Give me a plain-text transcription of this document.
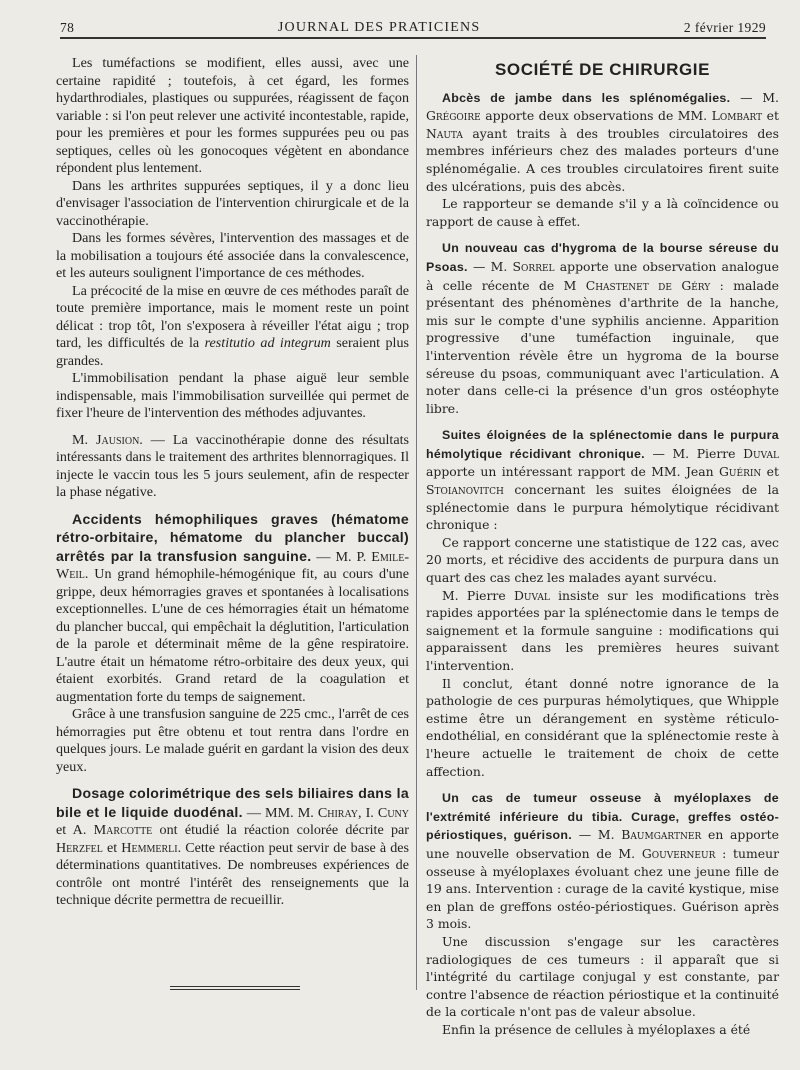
78	JOURNAL DES PRATICIENS	2 février 1929

Les tuméfactions se modifient, elles aussi, avec une certaine rapidité ; toutefois, à cet égard, les formes hydarthrodiales, plastiques ou suppurées, réagissent de façon variable : si l'on peut relever une activité incontestable, rapide, pour les premières et pour les formes suppurées peu ou pas septiques, celles où les gonocoques végètent en abondance répondent plus lentement.

Dans les arthrites suppurées septiques, il y a donc lieu d'envisager l'association de l'intervention chirurgicale et de la vaccinothérapie.

Dans les formes sévères, l'intervention des massages et de la mobilisation a toujours été associée dans la convalescence, et les auteurs soulignent l'importance de ces méthodes.

La précocité de la mise en œuvre de ces méthodes paraît de toute première importance, mais le moment reste un point délicat : trop tôt, l'on s'exposera à réveiller l'état aigu ; trop tard, les difficultés de la restitutio ad integrum seraient plus grandes.

L'immobilisation pendant la phase aiguë leur semble indispensable, mais l'immobilisation surveillée qui permet de fixer l'heure de l'intervention des méthodes adjuvantes.

M. Jausion. — La vaccinothérapie donne des résultats intéressants dans le traitement des arthrites blennorragiques. Il injecte le vaccin tous les 5 jours seulement, afin de respecter la phase négative.

Accidents hémophiliques graves (hématome rétro-orbitaire, hématome du plancher buccal) arrêtés par la transfusion sanguine. — M. P. Emile-Weil. Un grand hémophile-hémogénique fit, au cours d'une grippe, deux hémorragies graves et spontanées à localisations exceptionnelles. L'une de ces hémorragies était un hématome du plancher buccal, qui empêchait la déglutition, l'articulation de la parole et déterminait même de la gêne respiratoire. L'autre était un hématome rétro-orbitaire des deux yeux, qui étaient exorbités. Grand retard de la coagulation et augmentation forte du temps de saignement.

Grâce à une transfusion sanguine de 225 cmc., l'arrêt de ces hémorragies put être obtenu et tout rentra dans l'ordre en quelques jours. Le malade guérit en gardant la vision des deux yeux.

Dosage colorimétrique des sels biliaires dans la bile et le liquide duodénal. — MM. M. Chiray, I. Cuny et A. Marcotte ont étudié la réaction colorée décrite par Herzfel et Hemmerli. Cette réaction peut servir de base à des déterminations quantitatives. De nombreuses expériences de contrôle ont montré l'intérêt des renseignements que la technique décrite permettra de recueillir.

SOCIÉTÉ DE CHIRURGIE

Abcès de jambe dans les splénomégalies. — M. Grégoire apporte deux observations de MM. Lombart et Nauta ayant traits à des troubles circulatoires des membres inférieurs chez des malades porteurs d'une splénomégalie. A ces troubles circulatoires firent suite des ulcérations, puis des abcès.

Le rapporteur se demande s'il y a là coïncidence ou rapport de cause à effet.

Un nouveau cas d'hygroma de la bourse séreuse du Psoas. — M. Sorrel apporte une observation analogue à celle récente de M Chastenet de Géry : malade présentant des phénomènes d'arthrite de la hanche, mis sur le compte d'une syphilis ancienne. Apparition progressive d'une tuméfaction inguinale, que l'intervention révèle être un hygroma de la bourse séreuse du psoas, communiquant avec l'articulation. A noter dans celle-ci la présence d'un gros ostéophyte libre.

Suites éloignées de la splénectomie dans le purpura hémolytique récidivant chronique. — M. Pierre Duval apporte un intéressant rapport de MM. Jean Guérin et Stoianovitch concernant les suites éloignées de la splénectomie dans le purpura hémolytique récidivant chronique :

Ce rapport concerne une statistique de 122 cas, avec 20 morts, et récidive des accidents de purpura dans un quart des cas chez les malades ayant survécu.

M. Pierre Duval insiste sur les modifications très rapides apportées par la splénectomie dans le temps de saignement et la formule sanguine : modifications qui apparaissent dans les premières heures suivant l'intervention.

Il conclut, étant donné notre ignorance de la pathologie de ces purpuras hémolytiques, que Whipple estime être un dérangement en système réticulo-endothélial, en considérant que la splénectomie reste à l'heure actuelle le traitement de choix de cette affection.

Un cas de tumeur osseuse à myéloplaxes de l'extrémité inférieure du tibia. Curage, greffes ostéo-périostiques, guérison. — M. Baumgartner en apporte une nouvelle observation de M. Gouverneur : tumeur osseuse à myéloplaxes évoluant chez une jeune fille de 19 ans. Intervention : curage de la cavité kystique, mise en plan de greffons ostéo-périostiques. Guérison après 3 mois.

Une discussion s'engage sur les caractères radiologiques de ces tumeurs : il apparaît que si l'intégrité du cartilage conjugal y est constante, par contre l'absence de réaction périostique et la continuité de la corticale n'ont pas de valeur absolue.

Enfin la présence de cellules à myéloplaxes a été
